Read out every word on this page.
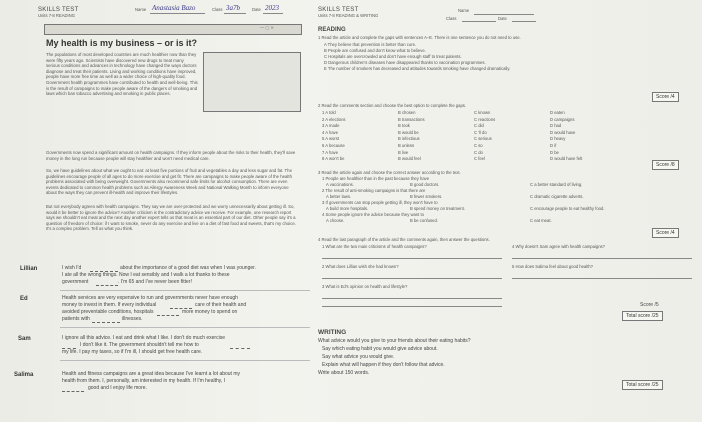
SKILLS TEST
Units 7-8 READING
Name Anastasia Bazo	Class 3a7b	Date 2023
— ▢ ✕
My health is my business – or is it?
The populations of most developed countries are much healthier now than they were fifty years ago. Scientists have discovered new drugs to treat many serious conditions and advances in technology have changed the ways doctors diagnose and treat their patients. Living and working conditions have improved, people have more free time as well as a wider choice of high-quality food. Government health programmes have contributed to health and well-being. This is the result of campaigns to make people aware of the dangers of smoking and laws which ban tobacco advertising and smoking in public places.
Governments now spend a significant amount on health campaigns. If they inform people about the risks to their health, they'll save money in the long run because people will stay healthier and won't need medical care.
So, we have guidelines about what we ought to eat: at least five portions of fruit and vegetables a day and less sugar and fat. The guidelines encourage people of all ages to do more exercise and get fit. There are campaigns to make people aware of the health problems associated with being overweight. Governments also recommend safe limits for alcohol consumption. There are even events dedicated to common health problems such as Allergy Awareness Week and National Walking Month to inform everyone about the ways they can prevent ill-health and improve their lifestyles.
But not everybody agrees with health campaigns. They say we are over-protected and we worry unnecessarily about getting ill. So, would it be better to ignore the advice? Another criticism is the contradictory advice we receive. For example, one research report says we shouldn't eat meat and the next day another expert tells us that meat is an essential part of our diet. Other people say it's a question of freedom of choice: if I want to smoke, never do any exercise and live on a diet of fast food and sweets, that's my choice. It's a complex problem. Tell us what you think.
Lillian	I wish I'd	about the importance of a good diet was when I was younger.
I ate all the wrong things. Now I eat sensibly and I walk a lot thanks to these
government	. I'm 65 and I've never been fitter!
Ed	Health services are very expensive to run and governments never have enough
money to invest in them. If every individual	care of their health and
avoided preventable conditions, hospitals	more money to spend on
patients with	illnesses.
Sam	I ignore all this advice. I eat and drink what I like. I don't do much exercise
I don't like it. The government shouldn't tell me how to
my life. I pay my taxes, so if I'm ill, I should get free health care.
Salima	Health and fitness campaigns are a great idea because I've learnt a lot about my
health from them. I, personally, am interested in my health. If I'm healthy, I
good and I enjoy life more.
SKILLS TEST
Units 7-8 READING & WRITING
Name
Class	Date
READING
1 Read the article and complete the gaps with sentences A–E. There is one sentence you do not need to use.
A They believe that prevention is better than cure.
B People are confused and don't know what to believe.
C Hospitals are overcrowded and don't have enough staff to treat patients.
D Dangerous children's diseases have disappeared thanks to vaccination programmes.
E The number of smokers has decreased and attitudes towards smoking have changed dramatically.
Score /4
2 Read the comments section and choose the best option to complete the gaps.
1 A told	B chosen	C known	D eaten
2 A elections	B transactions	C reactions	D campaigns
3 A made	B took	C did	D had
4 A have	B would be	C 'll do	D would have
5 A worst	B infectious	C serious	D heavy
6 A because	B unless	C so	D if
7 A have	B live	C do	D be
8 A won't be	B would feel	C feel	D would have felt
Score /8
3 Read the article again and choose the correct answer according to the text.
1 People are healthier than in the past because they have
A vaccinations.	B good doctors.	C a better standard of living.
2 The result of anti-smoking campaigns is that there are
A better laws.	B fewer smokers.	C dramatic cigarette adverts.
3 If governments can stop people getting ill, they won't have to
A build more hospitals.	B spend money on treatment.	C encourage people to eat healthy food.
4 Some people ignore the advice because they want to
A choose.	B be confused.	C eat meat.
Score /4
4 Read the last paragraph of the article and the comments again, then answer the questions.
1 What are the two main criticisms of health campaigns?	4 Why doesn't Sam agree with health campaigns?
2 What does Lillian wish she had known?	5 How does Salima feel about good health?
3 What is Ed's opinion on health and lifestyle?
Score /5
Total score /25
WRITING
What advice would you give to your friends about their eating habits?
Say which eating habit you would give advice about.
Say what advice you would give.
Explain what will happen if they don't follow that advice.
Write about 150 words.
Total score /25
